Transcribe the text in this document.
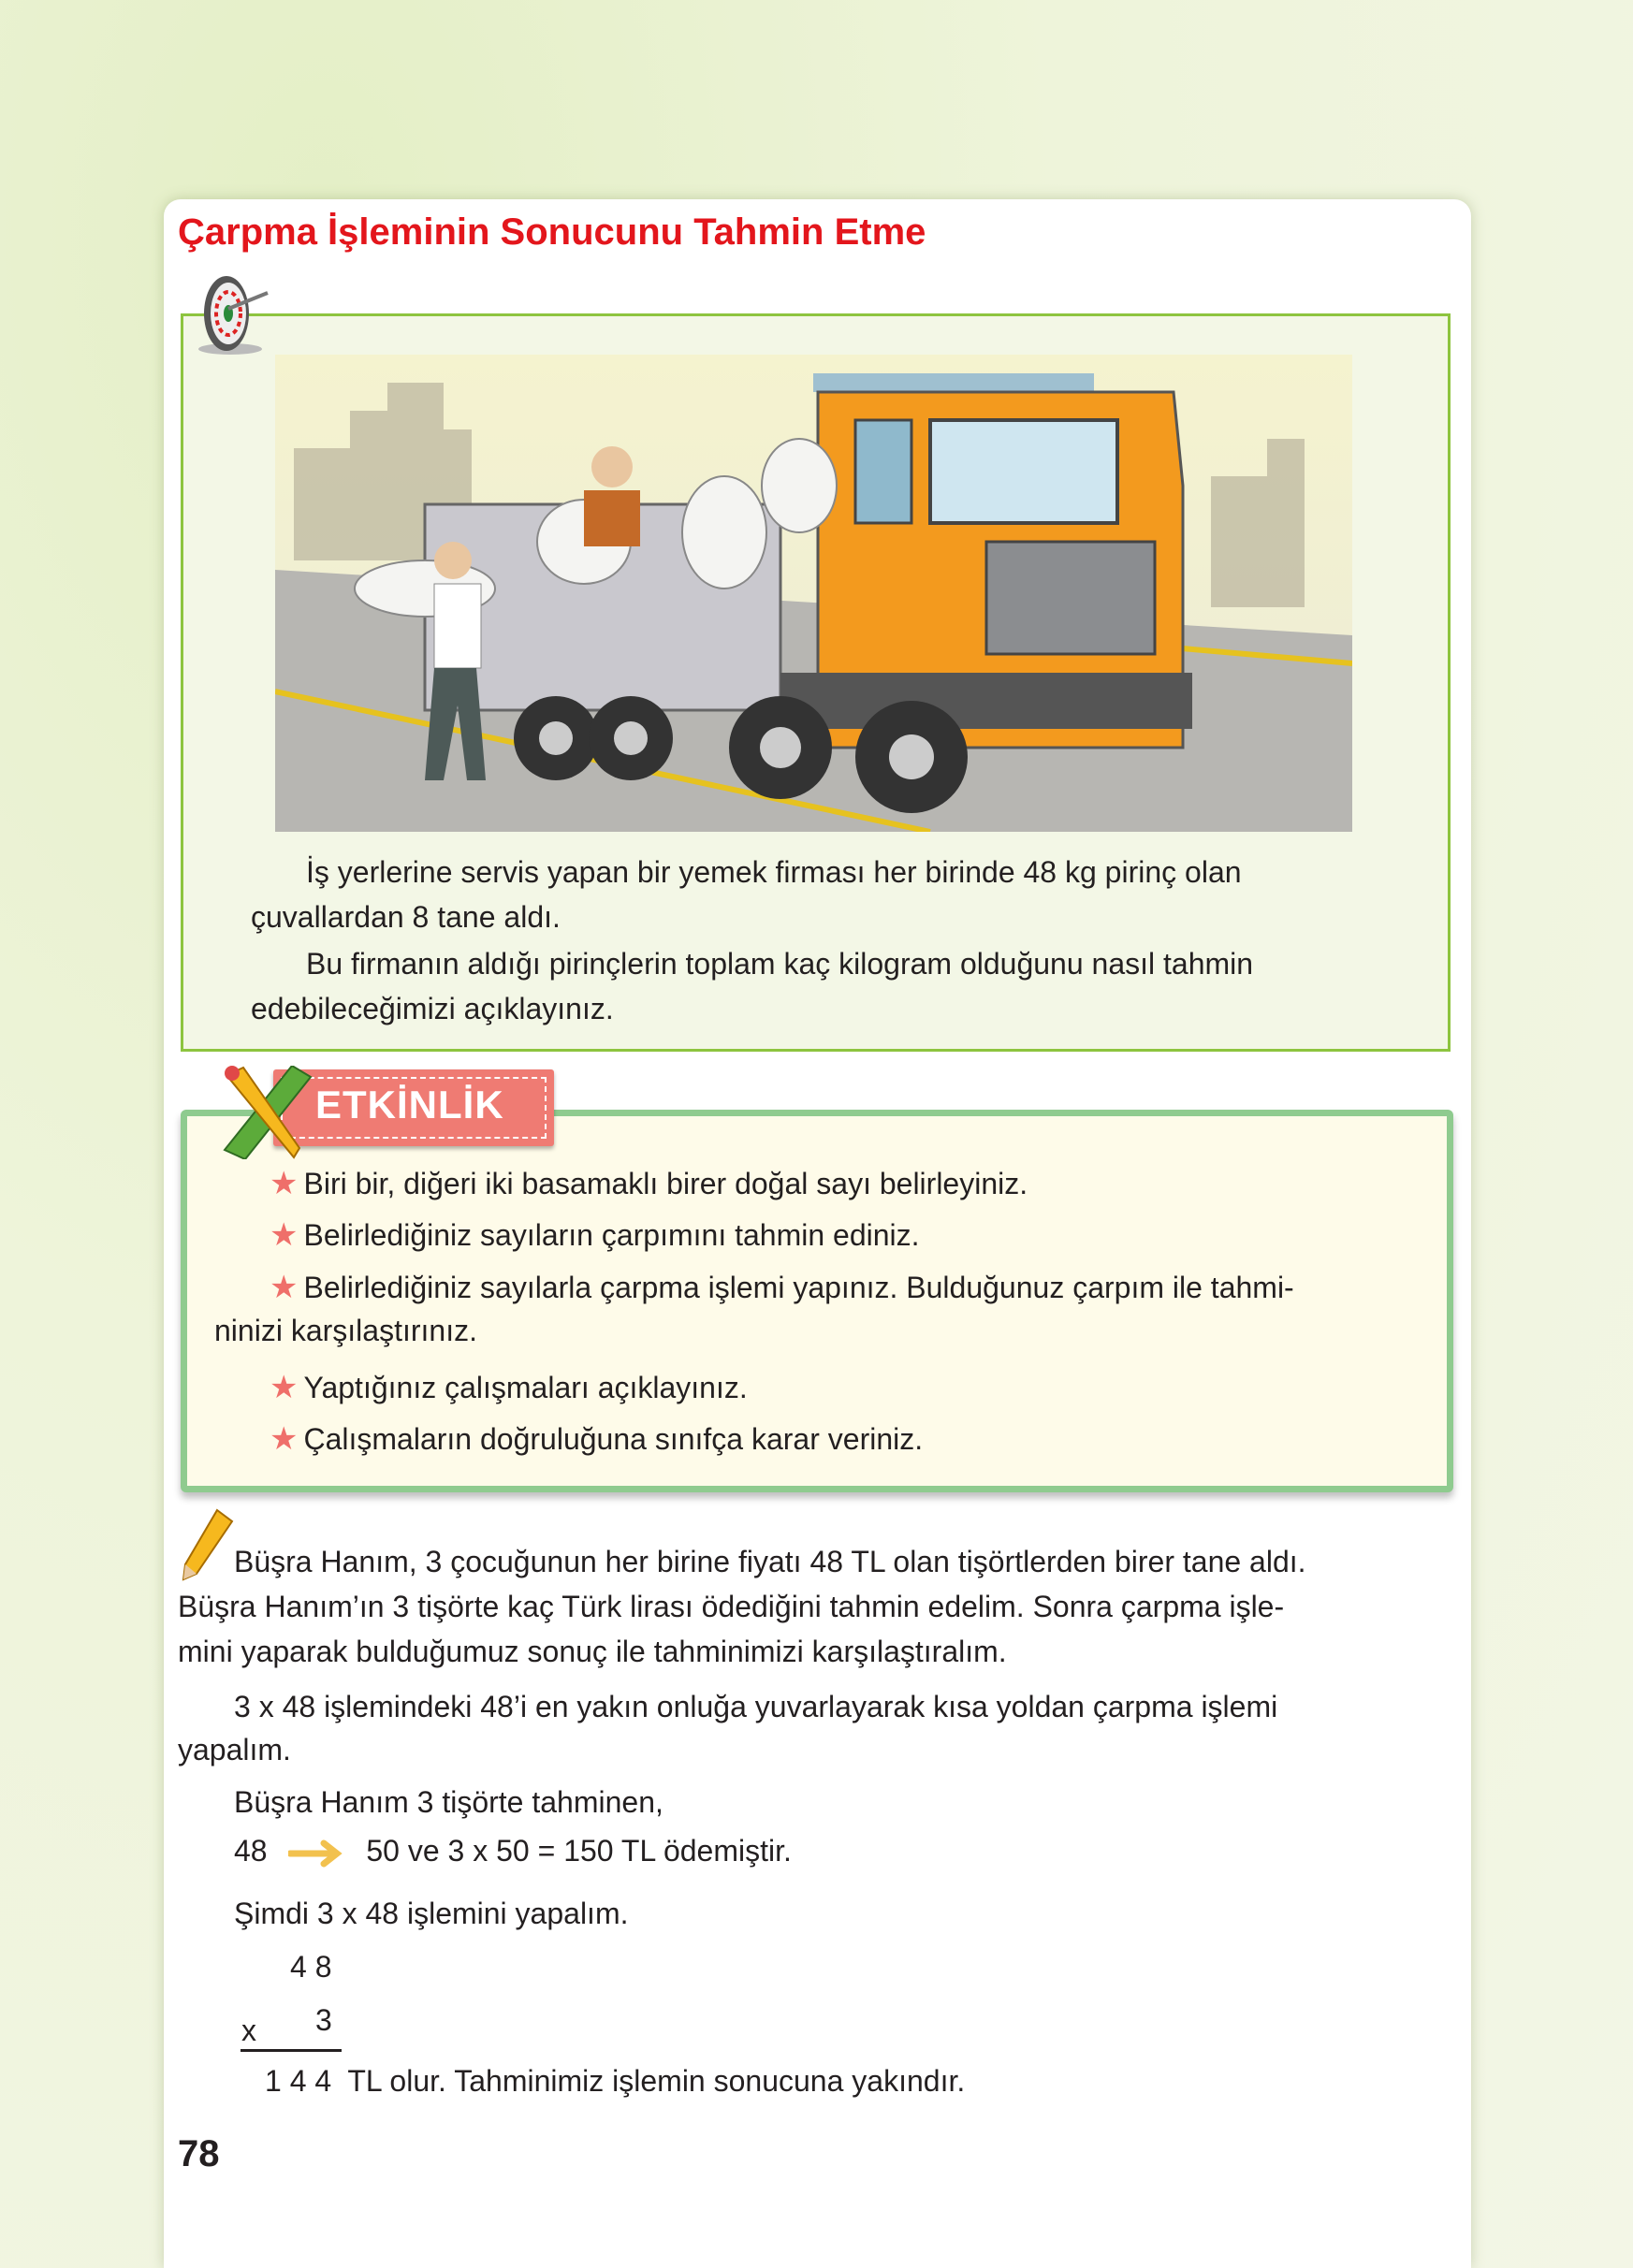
Çarpma İşleminin Sonucunu Tahmin Etme
İş yerlerine servis yapan bir yemek firması her birinde 48 kg pirinç olan
çuvallardan 8 tane aldı.
Bu firmanın aldığı pirinçlerin toplam kaç kilogram olduğunu nasıl tahmin
edebileceğimizi açıklayınız.
ETKİNLİK
★ Biri bir, diğeri iki basamaklı birer doğal sayı belirleyiniz.
★ Belirlediğiniz sayıların çarpımını tahmin ediniz.
★ Belirlediğiniz sayılarla çarpma işlemi yapınız. Bulduğunuz çarpım ile tahmi-
ninizi karşılaştırınız.
★ Yaptığınız çalışmaları açıklayınız.
★ Çalışmaların doğruluğuna sınıfça karar veriniz.
Büşra Hanım, 3 çocuğunun her birine fiyatı 48 TL olan tişörtlerden birer tane aldı.
Büşra Hanım’ın 3 tişörte kaç Türk lirası ödediğini tahmin edelim. Sonra çarpma işle-
mini yaparak bulduğumuz sonuç ile tahminimizi karşılaştıralım.
3 x 48 işlemindeki 48’i en yakın onluğa yuvarlayarak kısa yoldan çarpma işlemi
yapalım.
Büşra Hanım 3 tişörte tahminen,
48	50 ve 3 x 50 = 150 TL ödemiştir.
Şimdi 3 x 48 işlemini yapalım.
4 8
x 3
1 4 4 TL olur. Tahminimiz işlemin sonucuna yakındır.
78
